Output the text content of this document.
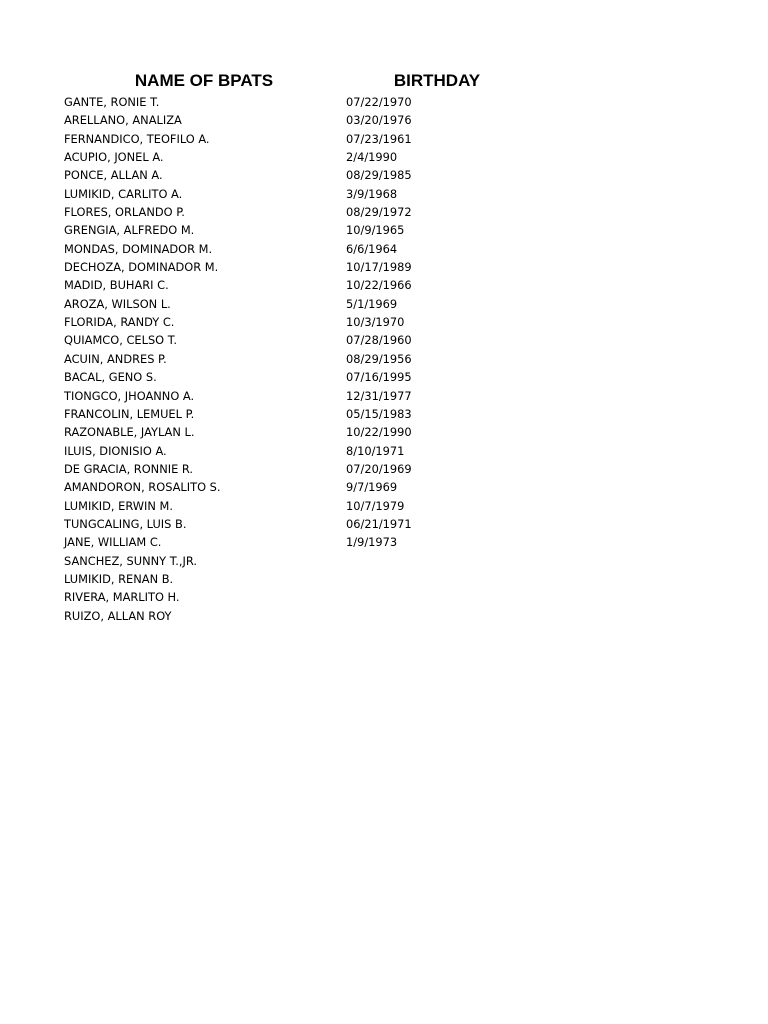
NAME OF BPATS	BIRTHDAY
GANTE, RONIE T.	07/22/1970
ARELLANO, ANALIZA	03/20/1976
FERNANDICO, TEOFILO A.	07/23/1961
ACUPIO, JONEL A.	2/4/1990
PONCE, ALLAN A.	08/29/1985
LUMIKID, CARLITO A.	3/9/1968
FLORES, ORLANDO P.	08/29/1972
GRENGIA, ALFREDO M.	10/9/1965
MONDAS, DOMINADOR M.	6/6/1964
DECHOZA, DOMINADOR M.	10/17/1989
MADID, BUHARI C.	10/22/1966
AROZA, WILSON L.	5/1/1969
FLORIDA, RANDY C.	10/3/1970
QUIAMCO, CELSO T.	07/28/1960
ACUIN, ANDRES P.	08/29/1956
BACAL, GENO S.	07/16/1995
TIONGCO, JHOANNO A.	12/31/1977
FRANCOLIN, LEMUEL P.	05/15/1983
RAZONABLE, JAYLAN L.	10/22/1990
ILUIS, DIONISIO A.	8/10/1971
DE GRACIA, RONNIE R.	07/20/1969
AMANDORON, ROSALITO S.	9/7/1969
LUMIKID, ERWIN M.	10/7/1979
TUNGCALING, LUIS B.	06/21/1971
JANE, WILLIAM C.	1/9/1973
SANCHEZ, SUNNY T.,JR.
LUMIKID, RENAN B.
RIVERA, MARLITO H.
RUIZO, ALLAN ROY
